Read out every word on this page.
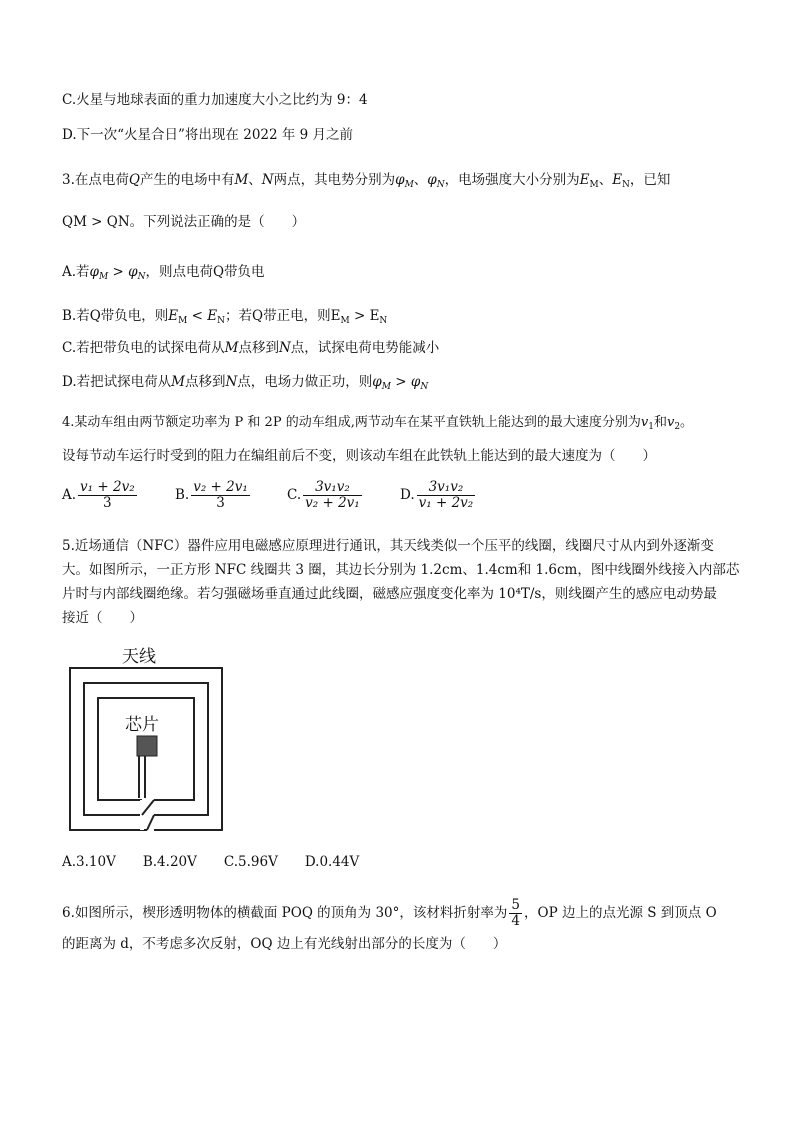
C.火星与地球表面的重力加速度大小之比约为 9：4
D.下一次“火星合日”将出现在 2022 年 9 月之前
3.在点电荷Q产生的电场中有M、N两点，其电势分别为$\varphi_M$、$\varphi_N$，电场强度大小分别为$E_M$、$E_N$，已知
QM > QN。下列说法正确的是（　　）
A.若$\varphi_M > \varphi_N$，则点电荷Q带负电
B.若Q带负电，则$E_M < E_N$；若Q带正电，则$E_M > E_N$
C.若把带负电的试探电荷从M点移到N点，试探电荷电势能减小
D.若把试探电荷从M点移到N点，电场力做正功，则$\varphi_M > \varphi_N$
4.某动车组由两节额定功率为 P 和 2P 的动车组成,两节动车在某平直铁轨上能达到的最大速度分别为$v_1$和$v_2$。
设每节动车运行时受到的阻力在编组前后不变，则该动车组在此铁轨上能达到的最大速度为（　　）
A. $\frac{\text{v₁ + 2v₂}}{3}$	B. $\frac{\text{v₂ + 2v₁}}{3}$	C. $\frac{\text{3v₁v₂}}{\text{v₂ + 2v₁}}$	D. $\frac{\text{3v₁v₂}}{\text{v₁ + 2v₂}}$
5.近场通信（NFC）器件应用电磁感应原理进行通讯，其天线类似一个压平的线圈，线圈尺寸从内到外逐渐变
大。如图所示，一正方形 NFC 线圈共 3 圈，其边长分别为 1.2cm、1.4cm和 1.6cm，图中线圈外线接入内部芯
片时与内部线圈绝缘。若匀强磁场垂直通过此线圈，磁感应强度变化率为 10⁴T/s，则线圈产生的感应电动势最
接近（　　）
天线
芯片
A.3.10V　　B.4.20V　　C.5.96V　　D.0.44V
6.如图所示，楔形透明物体的横截面 POQ 的顶角为 30°，该材料折射率为 $\frac{5}{4}$ ，OP 边上的点光源 S 到顶点 O
的距离为 d，不考虑多次反射，OQ 边上有光线射出部分的长度为（　　）
